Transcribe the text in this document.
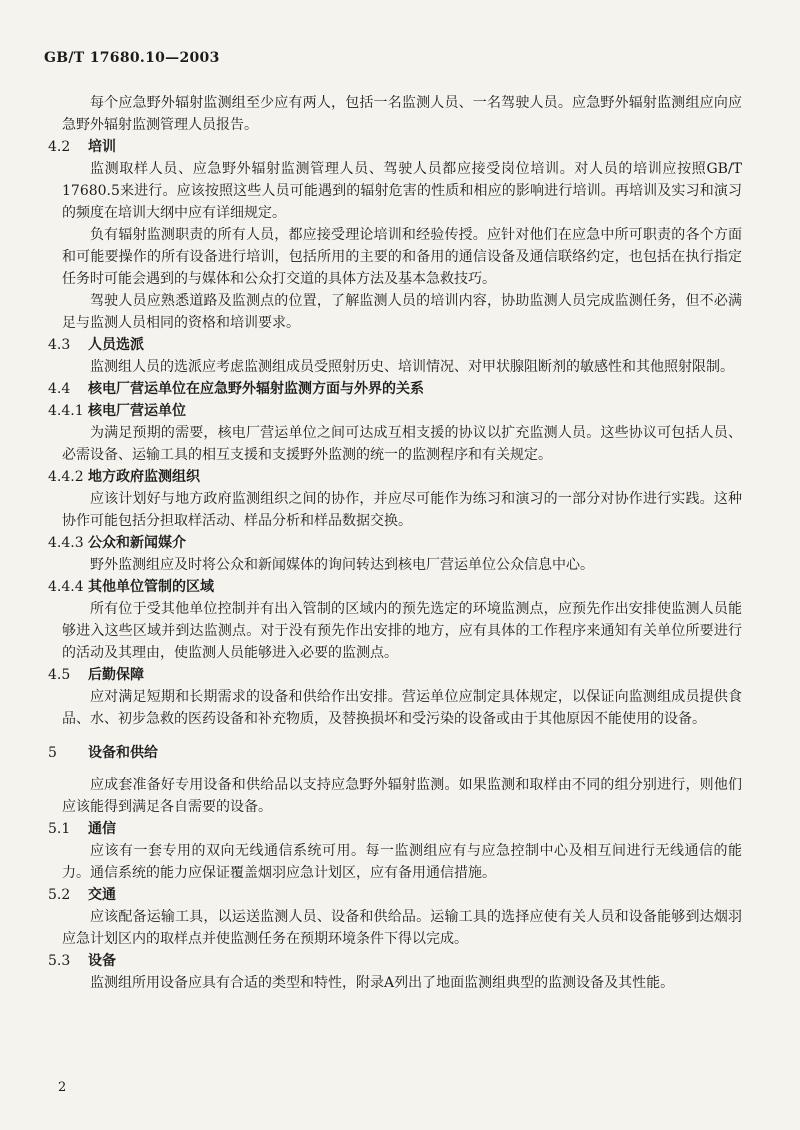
GB/T 17680.10—2003

每个应急野外辐射监测组至少应有两人，包括一名监测人员、一名驾驶人员。应急野外辐射监测组应向应急野外辐射监测管理人员报告。

4.2 培训

监测取样人员、应急野外辐射监测管理人员、驾驶人员都应接受岗位培训。对人员的培训应按照GB/T 17680.5来进行。应该按照这些人员可能遇到的辐射危害的性质和相应的影响进行培训。再培训及实习和演习的频度在培训大纲中应有详细规定。

负有辐射监测职责的所有人员，都应接受理论培训和经验传授。应针对他们在应急中所可职责的各个方面和可能要操作的所有设备进行培训，包括所用的主要的和备用的通信设备及通信联络约定，也包括在执行指定任务时可能会遇到的与媒体和公众打交道的具体方法及基本急救技巧。

驾驶人员应熟悉道路及监测点的位置，了解监测人员的培训内容，协助监测人员完成监测任务，但不必满足与监测人员相同的资格和培训要求。

4.3 人员选派

监测组人员的选派应考虑监测组成员受照射历史、培训情况、对甲状腺阻断剂的敏感性和其他照射限制。

4.4 核电厂营运单位在应急野外辐射监测方面与外界的关系
4.4.1 核电厂营运单位

为满足预期的需要，核电厂营运单位之间可达成互相支援的协议以扩充监测人员。这些协议可包括人员、必需设备、运输工具的相互支援和支援野外监测的统一的监测程序和有关规定。

4.4.2 地方政府监测组织

应该计划好与地方政府监测组织之间的协作，并应尽可能作为练习和演习的一部分对协作进行实践。这种协作可能包括分担取样活动、样品分析和样品数据交换。

4.4.3 公众和新闻媒介

野外监测组应及时将公众和新闻媒体的询问转达到核电厂营运单位公众信息中心。

4.4.4 其他单位管制的区域

所有位于受其他单位控制并有出入管制的区域内的预先选定的环境监测点，应预先作出安排使监测人员能够进入这些区域并到达监测点。对于没有预先作出安排的地方，应有具体的工作程序来通知有关单位所要进行的活动及其理由，使监测人员能够进入必要的监测点。

4.5 后勤保障

应对满足短期和长期需求的设备和供给作出安排。营运单位应制定具体规定，以保证向监测组成员提供食品、水、初步急救的医药设备和补充物质，及替换损坏和受污染的设备或由于其他原因不能使用的设备。

5 设备和供给

应成套准备好专用设备和供给品以支持应急野外辐射监测。如果监测和取样由不同的组分别进行，则他们应该能得到满足各自需要的设备。

5.1 通信

应该有一套专用的双向无线通信系统可用。每一监测组应有与应急控制中心及相互间进行无线通信的能力。通信系统的能力应保证覆盖烟羽应急计划区，应有备用通信措施。

5.2 交通

应该配备运输工具，以运送监测人员、设备和供给品。运输工具的选择应使有关人员和设备能够到达烟羽应急计划区内的取样点并使监测任务在预期环境条件下得以完成。

5.3 设备

监测组所用设备应具有合适的类型和特性，附录A列出了地面监测组典型的监测设备及其性能。

2
